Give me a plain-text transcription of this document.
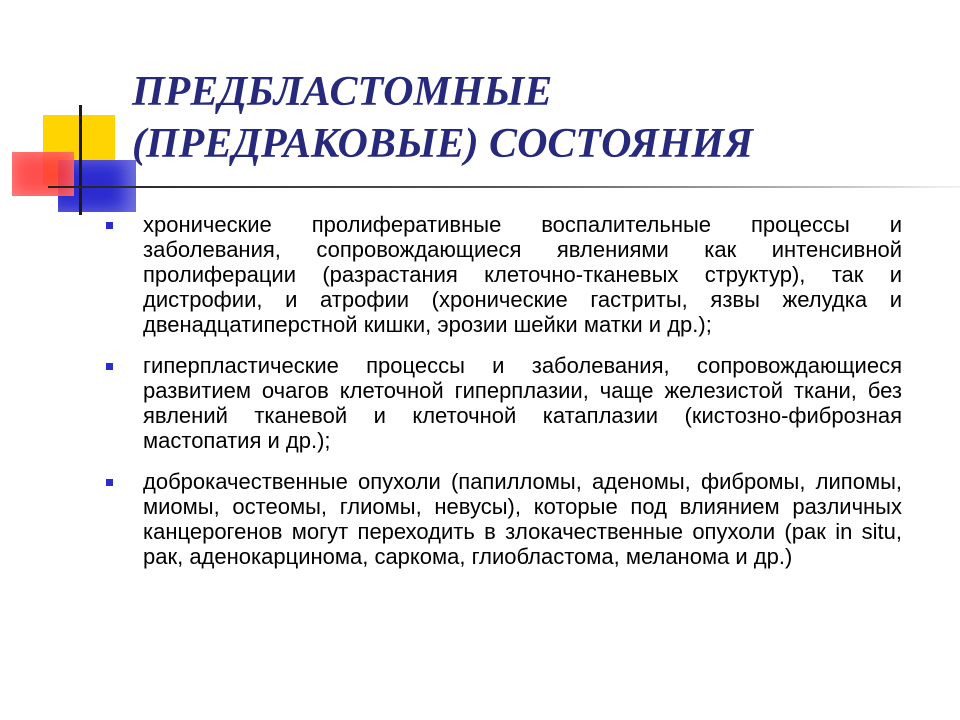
ПРЕДБЛАСТОМНЫЕ
(ПРЕДРАКОВЫЕ) СОСТОЯНИЯ

хронические пролиферативные воспалительные процессы и заболевания, сопровождающиеся явлениями как интенсивной пролиферации (разрастания клеточно-тканевых структур), так и дистрофии, и атрофии (хронические гастриты, язвы желудка и двенадцатиперстной кишки, эрозии шейки матки и др.);

гиперпластические процессы и заболевания, сопровождающиеся развитием очагов клеточной гиперплазии, чаще железистой ткани, без явлений тканевой и клеточной катаплазии (кистозно-фиброзная мастопатия и др.);

доброкачественные опухоли (папилломы, аденомы, фибромы, липомы, миомы, остеомы, глиомы, невусы), которые под влиянием различных канцерогенов могут переходить в злокачественные опухоли (рак in situ, рак, аденокарцинома, саркома, глиобластома, меланома и др.)
